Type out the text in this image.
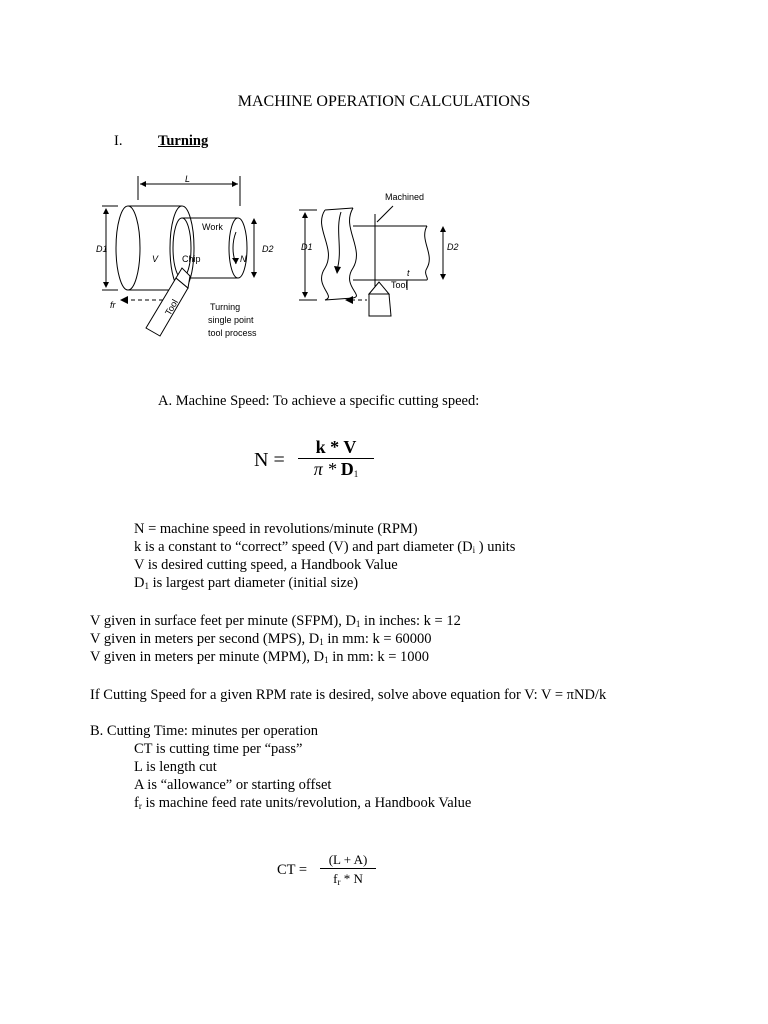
MACHINE OPERATION CALCULATIONS
I. Turning
L
Work
N
Chip
V
D1	D2
Tool
fr	Turning
single point
tool process
Machined
D1	D2
t
Tool
A. Machine Speed: To achieve a specific cutting speed:
$N = \frac{k * V}{\pi * D_1}$
N = machine speed in revolutions/minute (RPM)
k is a constant to “correct” speed (V) and part diameter ($D_i$ ) units
V is desired cutting speed, a Handbook Value
$D_1$ is largest part diameter (initial size)
V given in surface feet per minute (SFPM), $D_1$ in inches: k = 12
V given in meters per second (MPS), $D_1$ in mm: k = 60000
V given in meters per minute (MPM), $D_1$ in mm: k = 1000
If Cutting Speed for a given RPM rate is desired, solve above equation for V: V = πND/k
B. Cutting Time: minutes per operation
CT is cutting time per “pass”
L is length cut
A is “allowance” or starting offset
$f_r$ is machine feed rate units/revolution, a Handbook Value
CT = $\frac{(L + A)}{f_r * N}$
